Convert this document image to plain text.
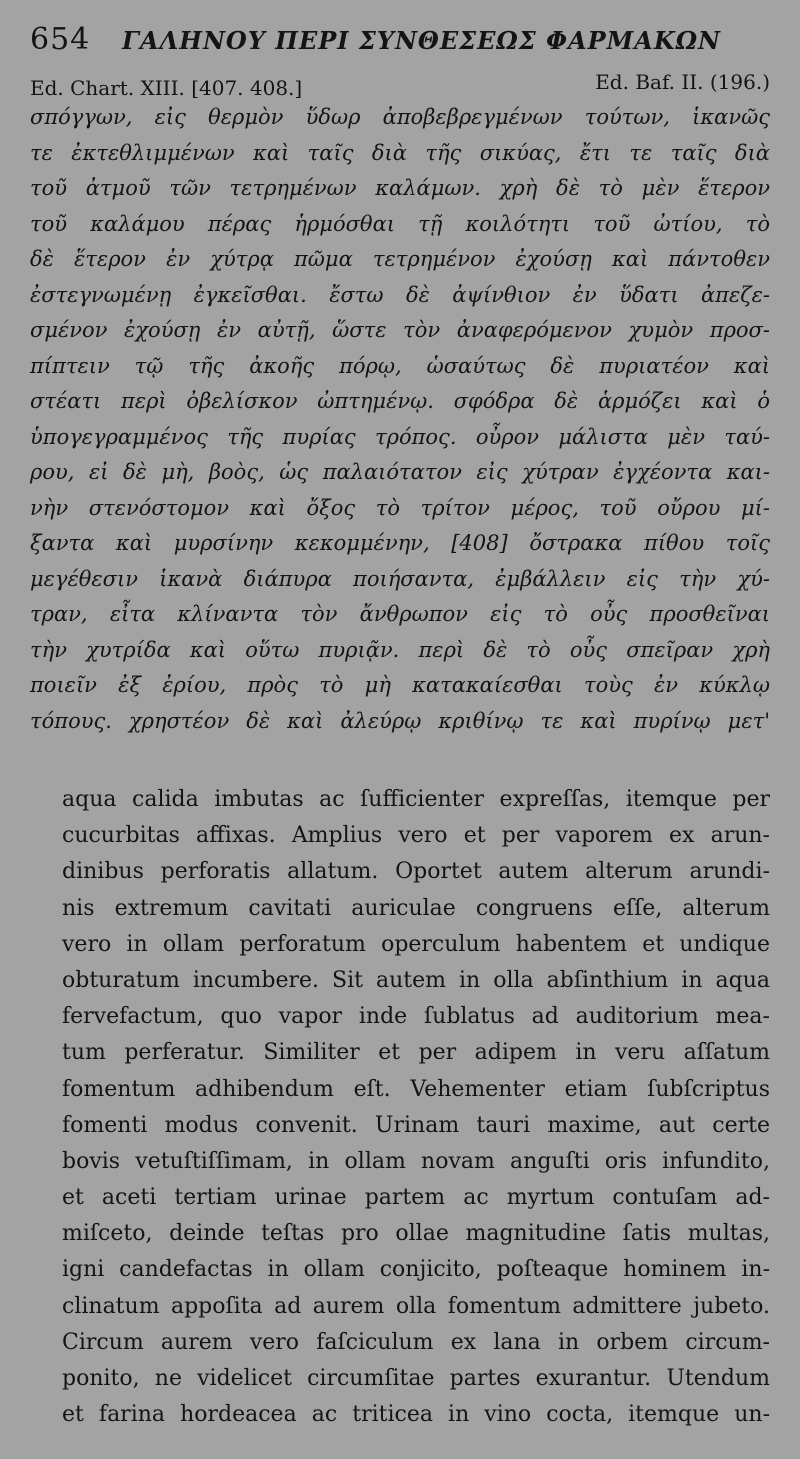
654 ΓΑΛΗΝΟΥ ΠΕΡΙ ΣΥΝΘΕΣΕΩΣ ΦΑΡΜΑΚΩΝ
Ed. Chart. XIII. [407. 408.]	Ed. Baf. II. (196.)
σπόγγων, εἰς θερμὸν ὕδωρ ἀποβεβρεγμένων τούτων, ἱκανῶς
τε ἐκτεθλιμμένων καὶ ταῖς διὰ τῆς σικύας, ἔτι τε ταῖς διὰ
τοῦ ἀτμοῦ τῶν τετρημένων καλάμων. χρὴ δὲ τὸ μὲν ἕτερον
τοῦ καλάμου πέρας ἡρμόσθαι τῇ κοιλότητι τοῦ ὠτίου, τὸ
δὲ ἕτερον ἐν χύτρᾳ πῶμα τετρημένον ἐχούσῃ καὶ πάντοθεν
ἐστεγνωμένῃ ἐγκεῖσθαι. ἔστω δὲ ἀψίνθιον ἐν ὕδατι ἀπεζε-
σμένον ἐχούσῃ ἐν αὐτῇ, ὥστε τὸν ἀναφερόμενον χυμὸν προσ-
πίπτειν τῷ τῆς ἀκοῆς πόρῳ, ὡσαύτως δὲ πυριατέον καὶ
στέατι περὶ ὀβελίσκον ὠπτημένῳ. σφόδρα δὲ ἁρμόζει καὶ ὁ
ὑπογεγραμμένος τῆς πυρίας τρόπος. οὖρον μάλιστα μὲν ταύ-
ρου, εἰ δὲ μὴ, βοὸς, ὡς παλαιότατον εἰς χύτραν ἐγχέοντα και-
νὴν στενόστομον καὶ ὄξος τὸ τρίτον μέρος, τοῦ οὔρου μί-
ξαντα καὶ μυρσίνην κεκομμένην, [408] ὄστρακα πίθου τοῖς
μεγέθεσιν ἱκανὰ διάπυρα ποιήσαντα, ἐμβάλλειν εἰς τὴν χύ-
τραν, εἶτα κλίναντα τὸν ἄνθρωπον εἰς τὸ οὖς προσθεῖναι
τὴν χυτρίδα καὶ οὕτω πυριᾷν. περὶ δὲ τὸ οὖς σπεῖραν χρὴ
ποιεῖν ἐξ ἐρίου, πρὸς τὸ μὴ κατακαίεσθαι τοὺς ἐν κύκλῳ
τόπους. χρηστέον δὲ καὶ ἀλεύρῳ κριθίνῳ τε καὶ πυρίνῳ μετ'
aqua calida imbutas ac ſufficienter expreſſas, itemque per
cucurbitas affixas. Amplius vero et per vaporem ex arun-
dinibus perforatis allatum. Oportet autem alterum arundi-
nis extremum cavitati auriculae congruens eſſe, alterum
vero in ollam perforatum operculum habentem et undique
obturatum incumbere. Sit autem in olla abſinthium in aqua
fervefactum, quo vapor inde ſublatus ad auditorium mea-
tum perferatur. Similiter et per adipem in veru aſſatum
fomentum adhibendum eſt. Vehementer etiam ſubſcriptus
fomenti modus convenit. Urinam tauri maxime, aut certe
bovis vetuſtiſſimam, in ollam novam anguſti oris infundito,
et aceti tertiam urinae partem ac myrtum contuſam ad-
miſceto, deinde teſtas pro ollae magnitudine ſatis multas,
igni candefactas in ollam conjicito, poſteaque hominem in-
clinatum appoſita ad aurem olla fomentum admittere jubeto.
Circum aurem vero faſciculum ex lana in orbem circum-
ponito, ne videlicet circumſitae partes exurantur. Utendum
et farina hordeacea ac triticea in vino cocta, itemque un-
